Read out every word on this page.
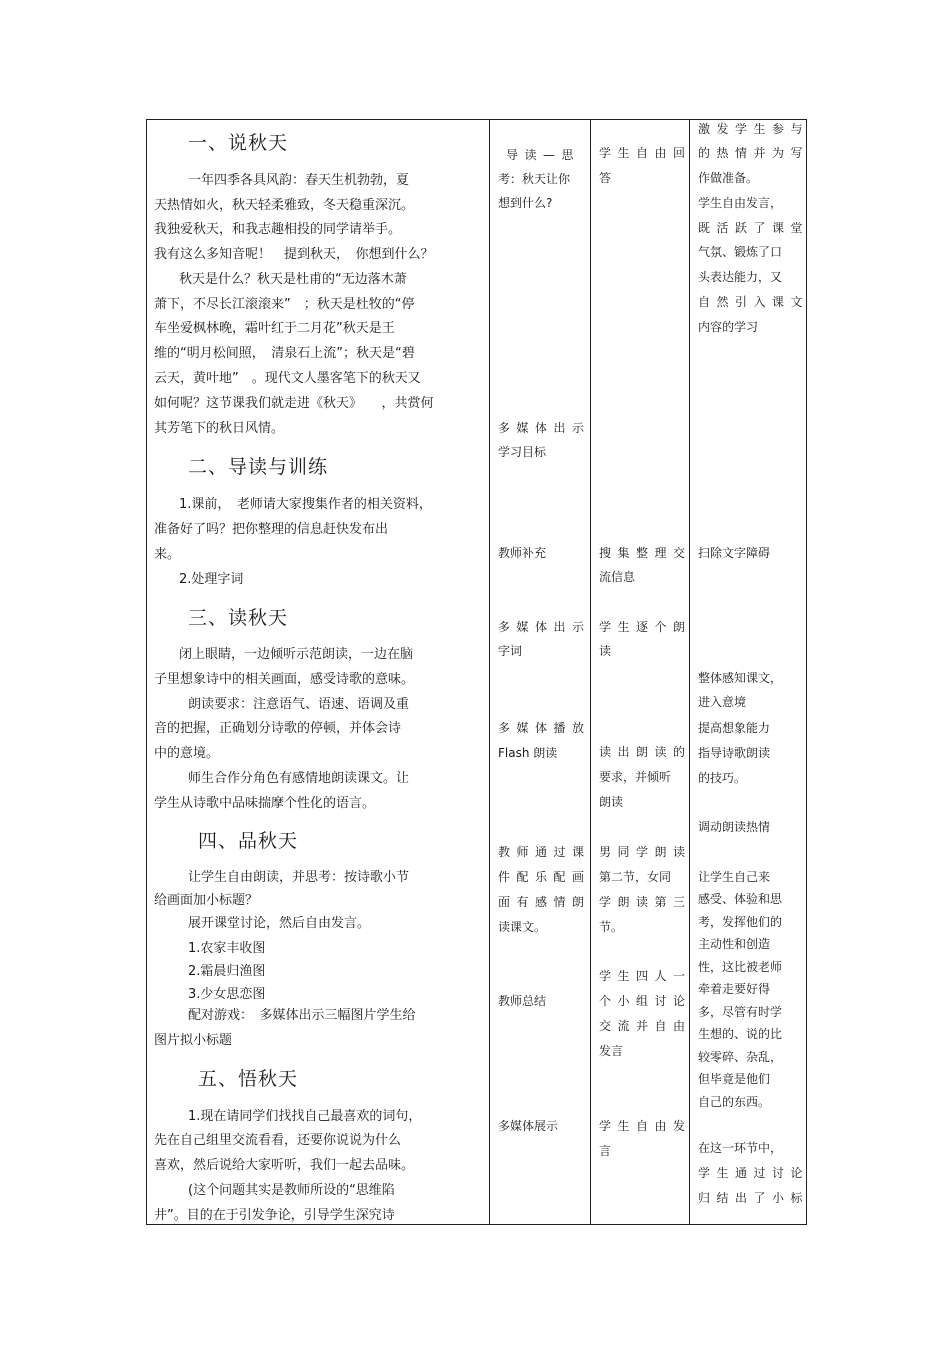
一、说秋天
一年四季各具风韵：春天生机勃勃，夏
天热情如火，秋天轻柔雅致，冬天稳重深沉。
我独爱秋天，和我志趣相投的同学请举手。
我有这么多知音呢！　提到秋天，　你想到什么？
秋天是什么？秋天是杜甫的“无边落木萧
萧下，不尽长江滚滚来”　；秋天是杜牧的“停
车坐爱枫林晚，霜叶红于二月花”秋天是王
维的“明月松间照，　清泉石上流”；秋天是“碧
云天，黄叶地”　。现代文人墨客笔下的秋天又
如何呢？这节课我们就走进《秋天》　　，共赏何
其芳笔下的秋日风情。
二、导读与训练
1.课前，　老师请大家搜集作者的相关资料，
准备好了吗？把你整理的信息赶快发布出
来。
2.处理字词
三、读秋天
闭上眼睛，一边倾听示范朗读，一边在脑
子里想象诗中的相关画面，感受诗歌的意味。
朗读要求：注意语气、语速、语调及重
音的把握，正确划分诗歌的停顿，并体会诗
中的意境。
师生合作分角色有感情地朗读课文。让
学生从诗歌中品味揣摩个性化的语言。
四、品秋天
让学生自由朗读，并思考：按诗歌小节
给画面加小标题？
展开课堂讨论，然后自由发言。
1.农家丰收图
2.霜晨归渔图
3.少女思恋图
配对游戏：　多媒体出示三幅图片学生给
图片拟小标题
五、悟秋天
1.现在请同学们找找自己最喜欢的词句，
先在自己组里交流看看，还要你说说为什么
喜欢，然后说给大家听听，我们一起去品味。
(这个问题其实是教师所设的“思维陷
井”。目的在于引发争论，引导学生深究诗
导读—思
考：秋天让你
想到什么?
多媒体出示
学习目标
教师补充
多媒体出示
字词
多媒体播放
Flash 朗读
教师通过课
件配乐配画
面有感情朗
读课文。
教师总结
多媒体展示
学生自由回
答
搜集整理交
流信息
学生逐个朗
读
读出朗读的
要求，并倾听
朗读
男同学朗读
第二节，女同
学朗读第三
节。
学生四人一
个小组讨论
交流并自由
发言
学生自由发
言
激发学生参与
的热情并为写
作做准备。
学生自由发言，
既活跃了课堂
气氛、锻炼了口
头表达能力，又
自然引入课文
内容的学习
扫除文字障碍
整体感知课文，
进入意境
提高想象能力
指导诗歌朗读
的技巧。
调动朗读热情
让学生自己来
感受、体验和思
考，发挥他们的
主动性和创造
性，这比被老师
牵着走要好得
多，尽管有时学
生想的、说的比
较零碎、杂乱，
但毕竟是他们
自己的东西。
在这一环节中，
学生通过讨论
归结出了小标
